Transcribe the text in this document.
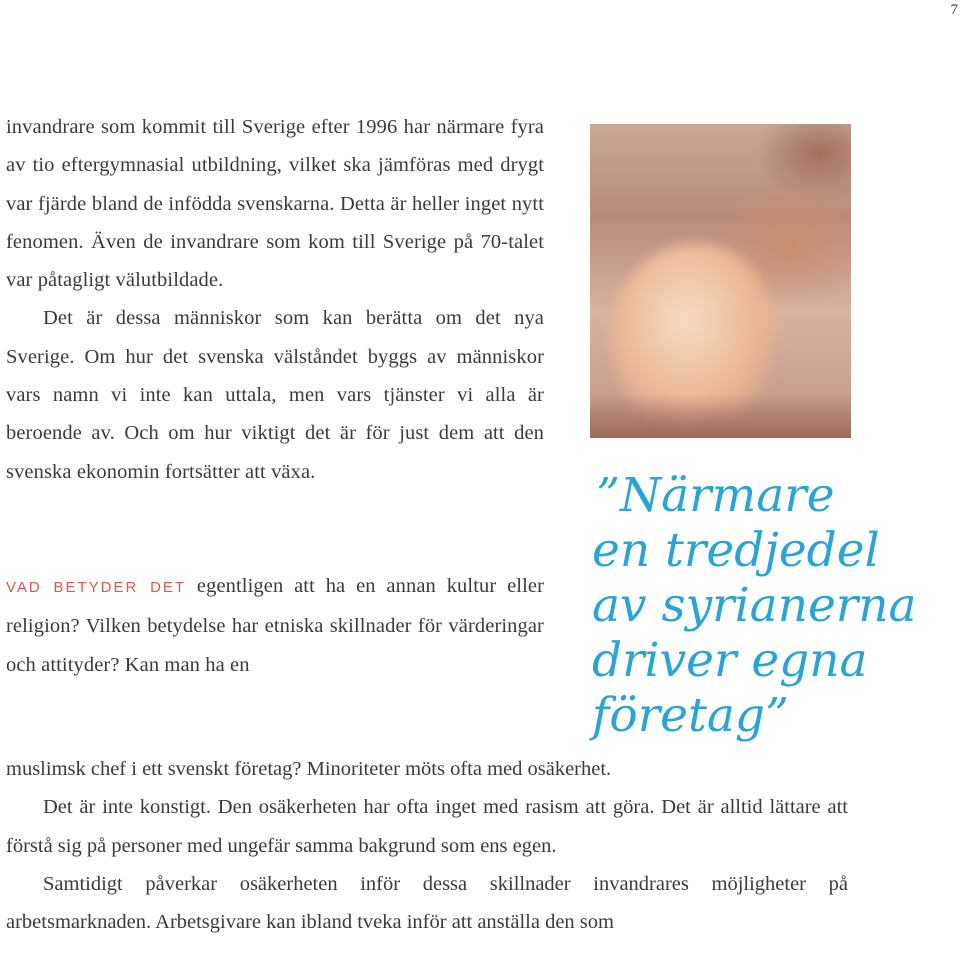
7

invandrare som kommit till Sverige efter 1996 har närmare fyra av tio eftergymnasial utbildning, vilket ska jämföras med drygt var fjärde bland de infödda svenskarna. Detta är heller inget nytt fenomen. Även de invandrare som kom till Sverige på 70-talet var påtagligt välutbildade.

Det är dessa människor som kan berätta om det nya Sverige. Om hur det svenska välståndet byggs av människor vars namn vi inte kan uttala, men vars tjänster vi alla är beroende av. Och om hur viktigt det är för just dem att den svenska ekonomin fortsätter att växa.

VAD BETYDER DET egentligen att ha en annan kultur eller religion? Vilken betydelse har etniska skillnader för värderingar och attityder? Kan man ha en

”Närmare
en tredjedel
av syrianerna
driver egna
företag”

muslimsk chef i ett svenskt företag? Minoriteter möts ofta med osäkerhet.

Det är inte konstigt. Den osäkerheten har ofta inget med rasism att göra. Det är alltid lättare att förstå sig på personer med ungefär samma bakgrund som ens egen.

Samtidigt påverkar osäkerheten inför dessa skillnader invandrares möjligheter på arbetsmarknaden. Arbetsgivare kan ibland tveka inför att anställa den som
